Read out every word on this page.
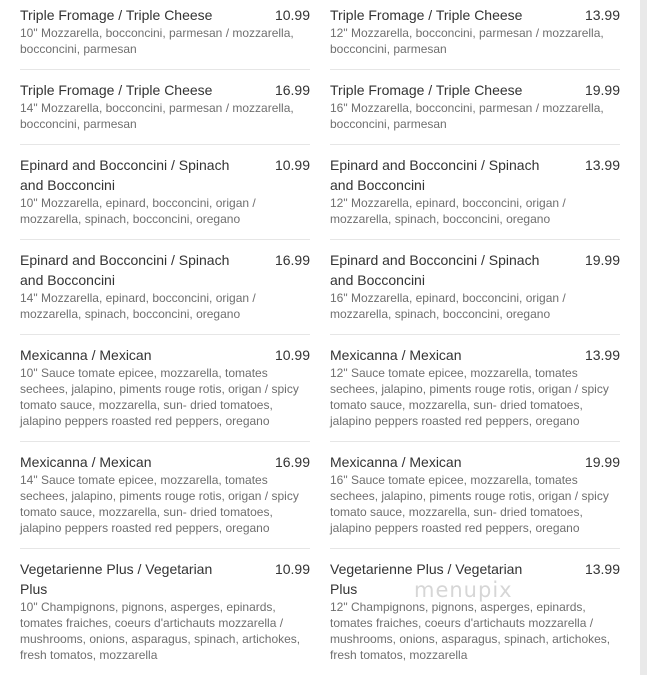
Triple Fromage / Triple Cheese	10.99
10" Mozzarella, bocconcini, parmesan / mozzarella, bocconcini, parmesan
Triple Fromage / Triple Cheese	13.99
12" Mozzarella, bocconcini, parmesan / mozzarella, bocconcini, parmesan
Triple Fromage / Triple Cheese	16.99
14" Mozzarella, bocconcini, parmesan / mozzarella, bocconcini, parmesan
Triple Fromage / Triple Cheese	19.99
16" Mozzarella, bocconcini, parmesan / mozzarella, bocconcini, parmesan
Epinard and Bocconcini / Spinach and Bocconcini
10.99
10" Mozzarella, epinard, bocconcini, origan / mozzarella, spinach, bocconcini, oregano
Epinard and Bocconcini / Spinach and Bocconcini
13.99
12" Mozzarella, epinard, bocconcini, origan / mozzarella, spinach, bocconcini, oregano
Epinard and Bocconcini / Spinach and Bocconcini
16.99
14" Mozzarella, epinard, bocconcini, origan / mozzarella, spinach, bocconcini, oregano
Epinard and Bocconcini / Spinach and Bocconcini
19.99
16" Mozzarella, epinard, bocconcini, origan / mozzarella, spinach, bocconcini, oregano
Mexicanna / Mexican	10.99
10" Sauce tomate epicee, mozzarella, tomates sechees, jalapino, piments rouge rotis, origan / spicy tomato sauce, mozzarella, sun- dried tomatoes, jalapino peppers roasted red peppers, oregano
Mexicanna / Mexican	13.99
12" Sauce tomate epicee, mozzarella, tomates sechees, jalapino, piments rouge rotis, origan / spicy tomato sauce, mozzarella, sun- dried tomatoes, jalapino peppers roasted red peppers, oregano
Mexicanna / Mexican	16.99
14" Sauce tomate epicee, mozzarella, tomates sechees, jalapino, piments rouge rotis, origan / spicy tomato sauce, mozzarella, sun- dried tomatoes, jalapino peppers roasted red peppers, oregano
Mexicanna / Mexican	19.99
16" Sauce tomate epicee, mozzarella, tomates sechees, jalapino, piments rouge rotis, origan / spicy tomato sauce, mozzarella, sun- dried tomatoes, jalapino peppers roasted red peppers, oregano
Vegetarienne Plus / Vegetarian Plus
10.99
10" Champignons, pignons, asperges, epinards, tomates fraiches, coeurs d'artichauts mozzarella / mushrooms, onions, asparagus, spinach, artichokes, fresh tomatos, mozzarella
Vegetarienne Plus / Vegetarian Plus
13.99
12" Champignons, pignons, asperges, epinards, tomates fraiches, coeurs d'artichauts mozzarella / mushrooms, onions, asparagus, spinach, artichokes, fresh tomatos, mozzarella
menupix
